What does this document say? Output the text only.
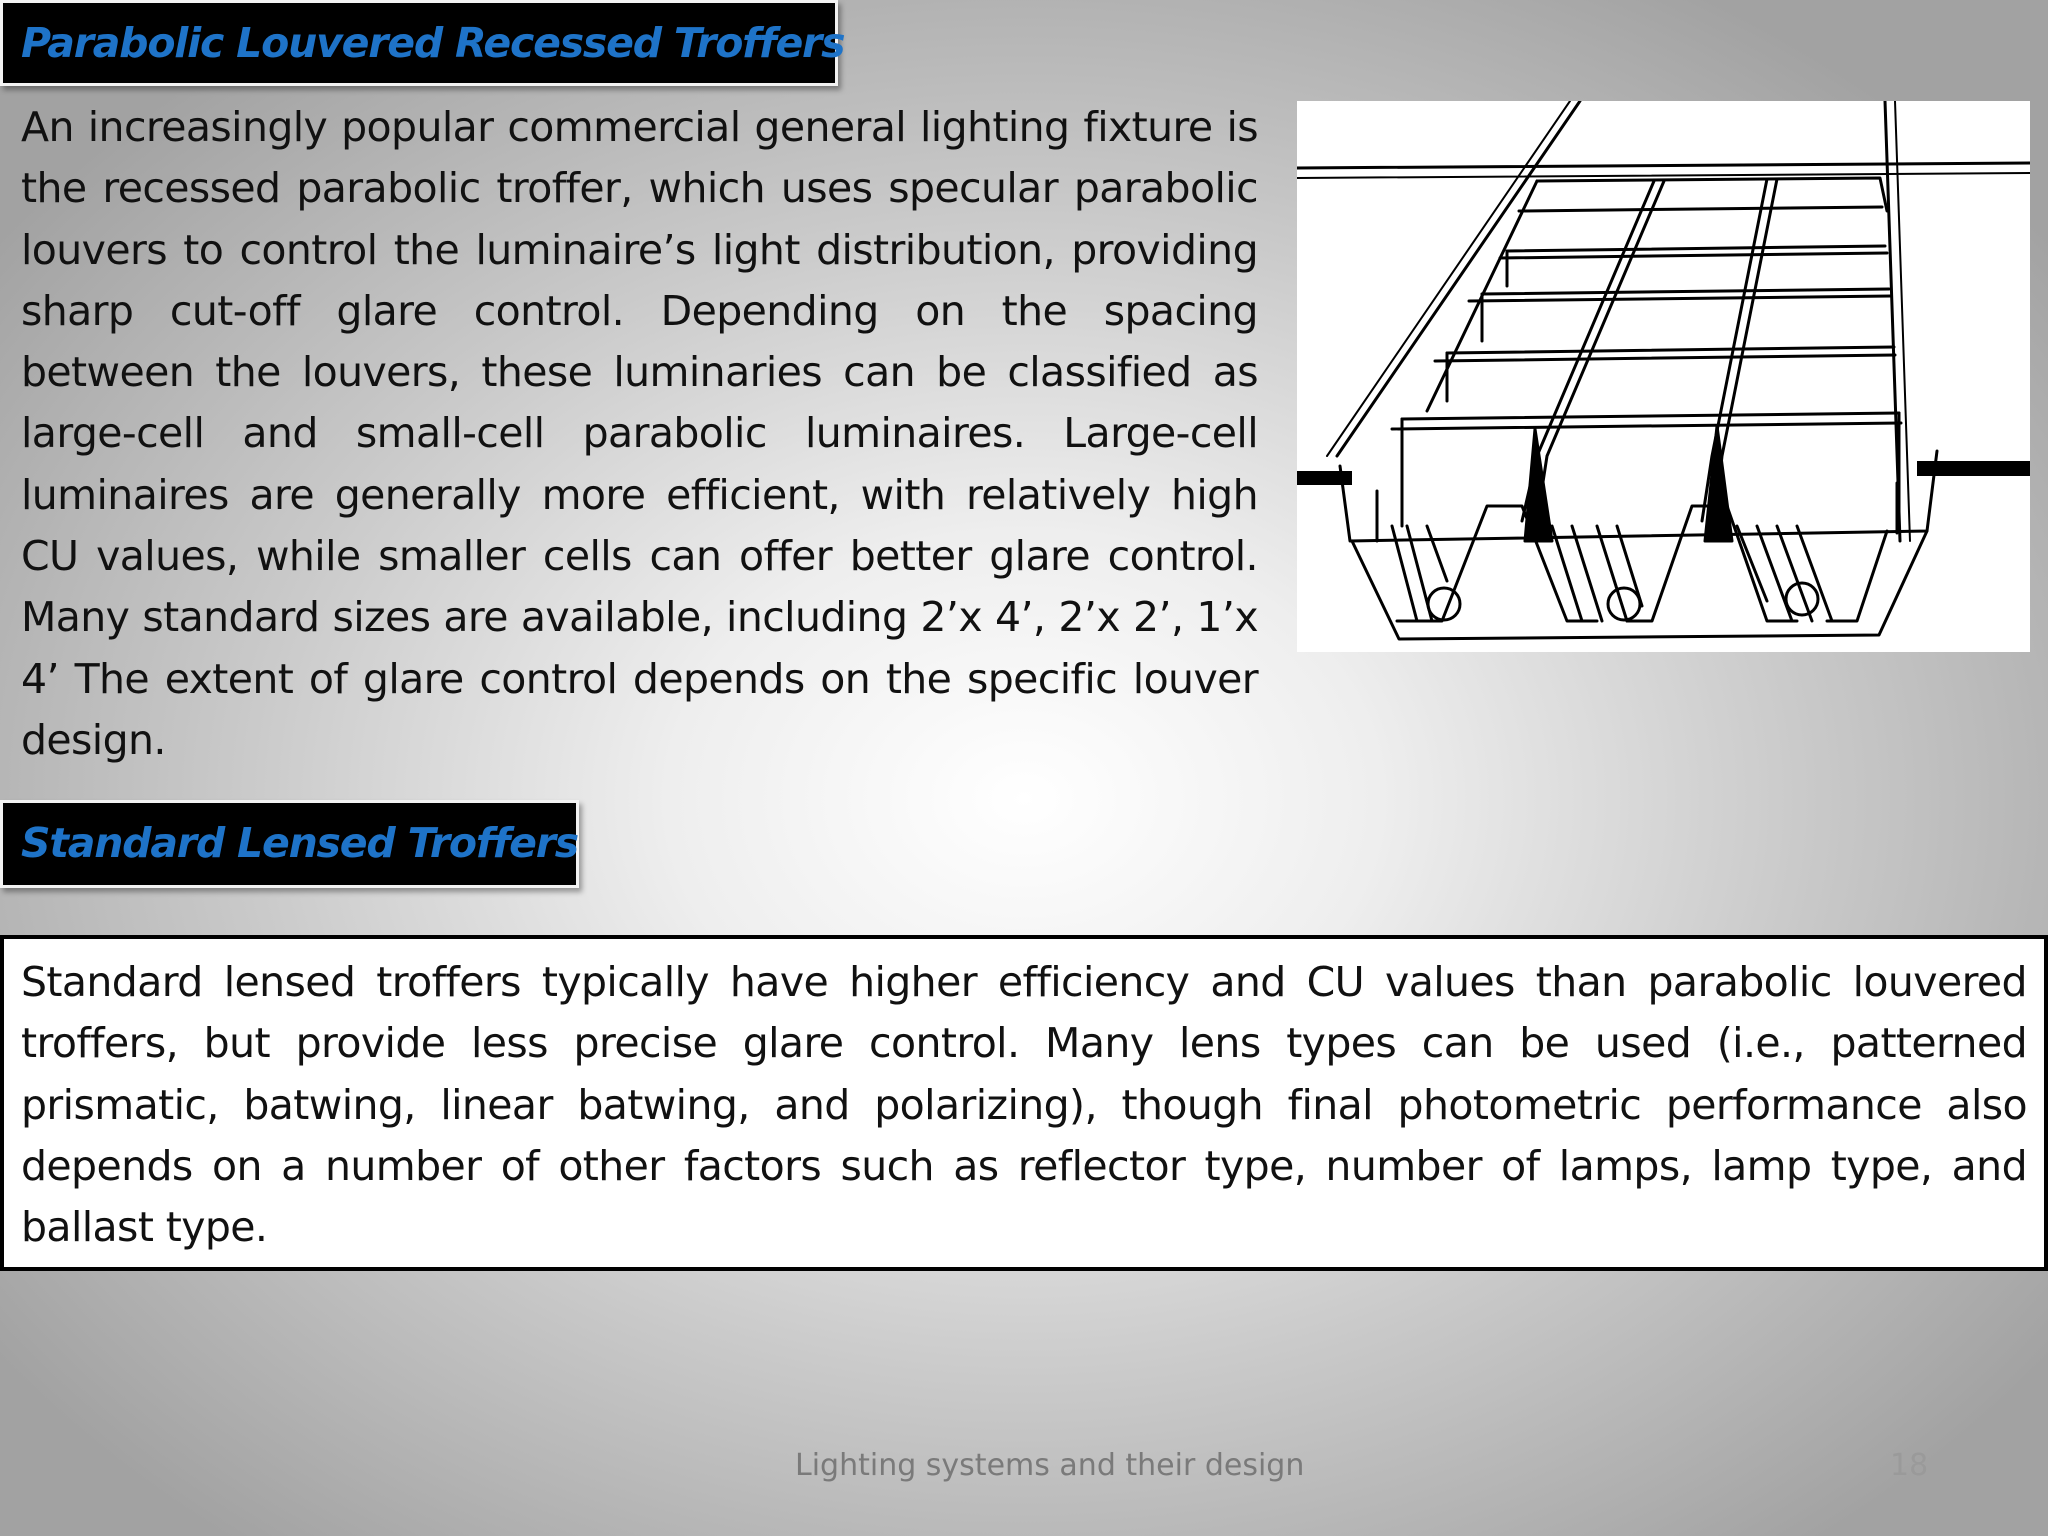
Parabolic Louvered Recessed Troffers

An increasingly popular commercial general lighting fixture is the recessed parabolic troffer, which uses specular parabolic louvers to control the luminaire’s light distribution, providing sharp cut-off glare control. Depending on the spacing between the louvers, these luminaries can be classified as large-cell and small-cell parabolic luminaires. Large-cell luminaires are generally more efficient, with relatively high CU values, while smaller cells can offer better glare control. Many standard sizes are available, including 2’x 4’, 2’x 2’, 1’x 4’ The extent of glare control depends on the specific louver design.

Standard Lensed Troffers

Standard lensed troffers typically have higher efficiency and CU values than parabolic louvered troffers, but provide less precise glare control. Many lens types can be used (i.e., patterned prismatic, batwing, linear batwing, and polarizing), though final photometric performance also depends on a number of other factors such as reflector type, number of lamps, lamp type, and ballast type.

Lighting systems and their design	18
